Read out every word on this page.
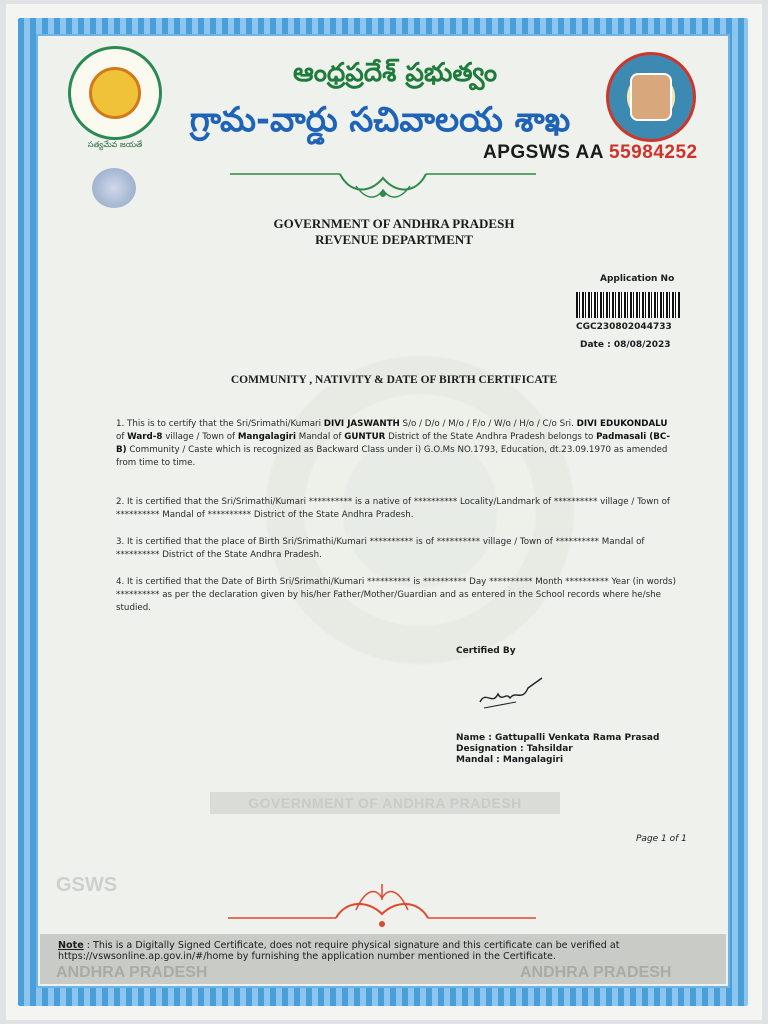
సత్యమేవ జయతే
ఆంధ్రప్రదేశ్ ప్రభుత్వం
గ్రామ-వార్డు సచివాలయ శాఖ
APGSWS AA 55984252
GOVERNMENT OF ANDHRA PRADESH
REVENUE DEPARTMENT
Application No
CGC230802044733
Date : 08/08/2023
COMMUNITY , NATIVITY & DATE OF BIRTH CERTIFICATE
1. This is to certify that the Sri/Srimathi/Kumari DIVI JASWANTH S/o / D/o / M/o / F/o / W/o / H/o / C/o Sri. DIVI EDUKONDALU of Ward-8 village / Town of Mangalagiri Mandal of GUNTUR District of the State Andhra Pradesh belongs to Padmasali (BC-B) Community / Caste which is recognized as Backward Class under i) G.O.Ms NO.1793, Education, dt.23.09.1970 as amended from time to time.
2. It is certified that the Sri/Srimathi/Kumari ********** is a native of ********** Locality/Landmark of ********** village / Town of ********** Mandal of ********** District of the State Andhra Pradesh.
3. It is certified that the place of Birth Sri/Srimathi/Kumari ********** is of ********** village / Town of ********** Mandal of ********** District of the State Andhra Pradesh.
4. It is certified that the Date of Birth Sri/Srimathi/Kumari ********** is ********** Day ********** Month ********** Year (in words) ********** as per the declaration given by his/her Father/Mother/Guardian and as entered in the School records where he/she studied.
Certified By
Name : Gattupalli Venkata Rama Prasad
Designation : Tahsildar
Mandal : Mangalagiri
GOVERNMENT OF ANDHRA PRADESH
Page 1 of 1
GSWS
Note : This is a Digitally Signed Certificate, does not require physical signature and this certificate can be verified at https://vswsonline.ap.gov.in/#/home by furnishing the application number mentioned in the Certificate.
ANDHRA PRADESH	ANDHRA PRADESH
